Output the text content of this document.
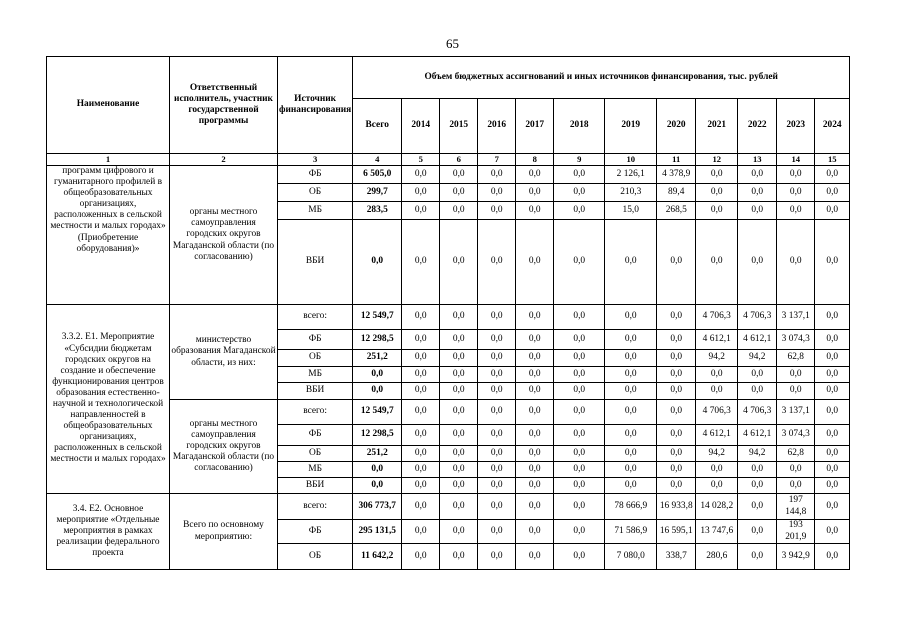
65
Наименование	Ответственный исполнитель, участник государственной программы	Источник финансирования	Объем бюджетных ассигнований и иных источников финансирования, тыс. рублей											
			Всего	2014	2015	2016	2017	2018	2019	2020	2021	2022	2023	2024
1	2	3	4	5	6	7	8	9	10	11	12	13	14	15
программ цифрового и гуманитарного профилей в общеобразовательных организациях, расположенных в сельской местности и малых городах» (Приобретение оборудования)»	органы местного самоуправления городских округов Магаданской области (по согласованию)	ФБ	6 505,0	0,0	0,0	0,0	0,0	0,0	2 126,1	4 378,9	0,0	0,0	0,0	0,0
		ОБ	299,7	0,0	0,0	0,0	0,0	0,0	210,3	89,4	0,0	0,0	0,0	0,0
		МБ	283,5	0,0	0,0	0,0	0,0	0,0	15,0	268,5	0,0	0,0	0,0	0,0
		ВБИ	0,0	0,0	0,0	0,0	0,0	0,0	0,0	0,0	0,0	0,0	0,0	0,0
3.3.2. Е1. Мероприятие «Субсидии бюджетам городских округов на создание и обеспечение функционирования центров образования естественно-научной и технологической направленностей в общеобразовательных организациях, расположенных в сельской местности и малых городах»	министерство образования Магаданской области, из них:	всего:	12 549,7	0,0	0,0	0,0	0,0	0,0	0,0	0,0	4 706,3	4 706,3	3 137,1	0,0
		ФБ	12 298,5	0,0	0,0	0,0	0,0	0,0	0,0	0,0	4 612,1	4 612,1	3 074,3	0,0
		ОБ	251,2	0,0	0,0	0,0	0,0	0,0	0,0	0,0	94,2	94,2	62,8	0,0
		МБ	0,0	0,0	0,0	0,0	0,0	0,0	0,0	0,0	0,0	0,0	0,0	0,0
		ВБИ	0,0	0,0	0,0	0,0	0,0	0,0	0,0	0,0	0,0	0,0	0,0	0,0
	органы местного самоуправления городских округов Магаданской области (по согласованию)	всего:	12 549,7	0,0	0,0	0,0	0,0	0,0	0,0	0,0	4 706,3	4 706,3	3 137,1	0,0
		ФБ	12 298,5	0,0	0,0	0,0	0,0	0,0	0,0	0,0	4 612,1	4 612,1	3 074,3	0,0
		ОБ	251,2	0,0	0,0	0,0	0,0	0,0	0,0	0,0	94,2	94,2	62,8	0,0
		МБ	0,0	0,0	0,0	0,0	0,0	0,0	0,0	0,0	0,0	0,0	0,0	0,0
		ВБИ	0,0	0,0	0,0	0,0	0,0	0,0	0,0	0,0	0,0	0,0	0,0	0,0
3.4. Е2. Основное мероприятие «Отдельные мероприятия в рамках реализации федерального проекта	Всего по основному мероприятию:	всего:	306 773,7	0,0	0,0	0,0	0,0	0,0	78 666,9	16 933,8	14 028,2	0,0	197 144,8	0,0
		ФБ	295 131,5	0,0	0,0	0,0	0,0	0,0	71 586,9	16 595,1	13 747,6	0,0	193 201,9	0,0
		ОБ	11 642,2	0,0	0,0	0,0	0,0	0,0	7 080,0	338,7	280,6	0,0	3 942,9	0,0
